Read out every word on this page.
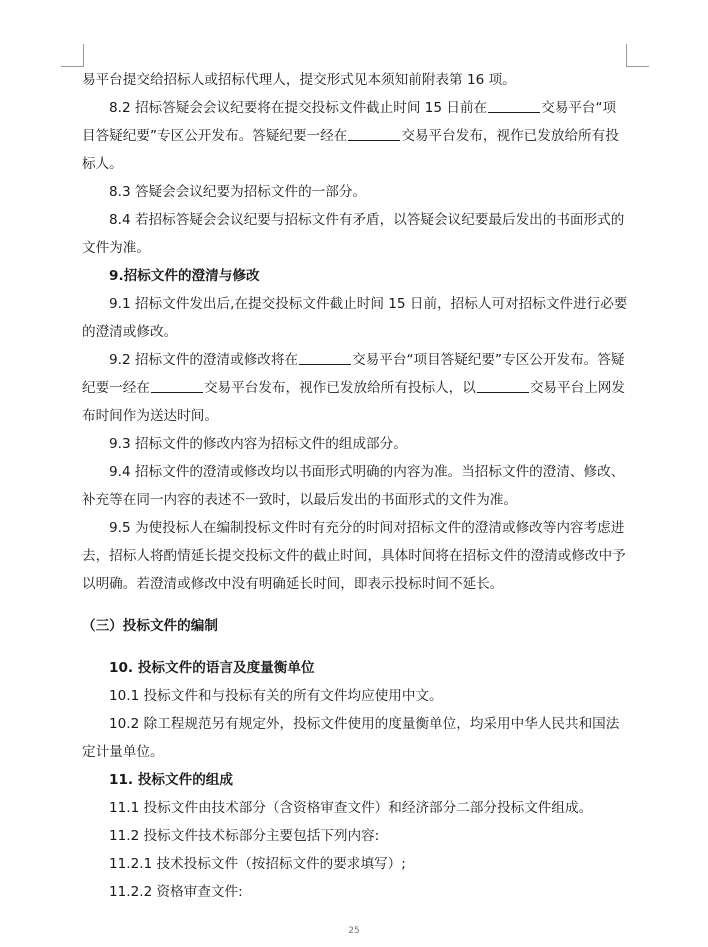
易平台提交给招标人或招标代理人，提交形式见本须知前附表第 16 项。

8.2 招标答疑会会议纪要将在提交投标文件截止时间 15 日前在	交易平台“项目答疑纪要”专区公开发布。答疑纪要一经在	交易平台发布，视作已发放给所有投标人。

8.3 答疑会会议纪要为招标文件的一部分。

8.4 若招标答疑会会议纪要与招标文件有矛盾，以答疑会议纪要最后发出的书面形式的文件为准。

9.招标文件的澄清与修改

9.1 招标文件发出后,在提交投标文件截止时间 15 日前，招标人可对招标文件进行必要的澄清或修改。

9.2 招标文件的澄清或修改将在	交易平台“项目答疑纪要”专区公开发布。答疑纪要一经在	交易平台发布，视作已发放给所有投标人，以	交易平台上网发布时间作为送达时间。

9.3 招标文件的修改内容为招标文件的组成部分。

9.4 招标文件的澄清或修改均以书面形式明确的内容为准。当招标文件的澄清、修改、补充等在同一内容的表述不一致时，以最后发出的书面形式的文件为准。

9.5 为使投标人在编制投标文件时有充分的时间对招标文件的澄清或修改等内容考虑进去，招标人将酌情延长提交投标文件的截止时间，具体时间将在招标文件的澄清或修改中予以明确。若澄清或修改中没有明确延长时间，即表示投标时间不延长。

（三）投标文件的编制

10. 投标文件的语言及度量衡单位

10.1 投标文件和与投标有关的所有文件均应使用中文。

10.2 除工程规范另有规定外，投标文件使用的度量衡单位，均采用中华人民共和国法定计量单位。

11. 投标文件的组成

11.1 投标文件由技术部分（含资格审查文件）和经济部分二部分投标文件组成。

11.2 投标文件技术标部分主要包括下列内容:

11.2.1 技术投标文件（按招标文件的要求填写）;

11.2.2 资格审查文件:

25
